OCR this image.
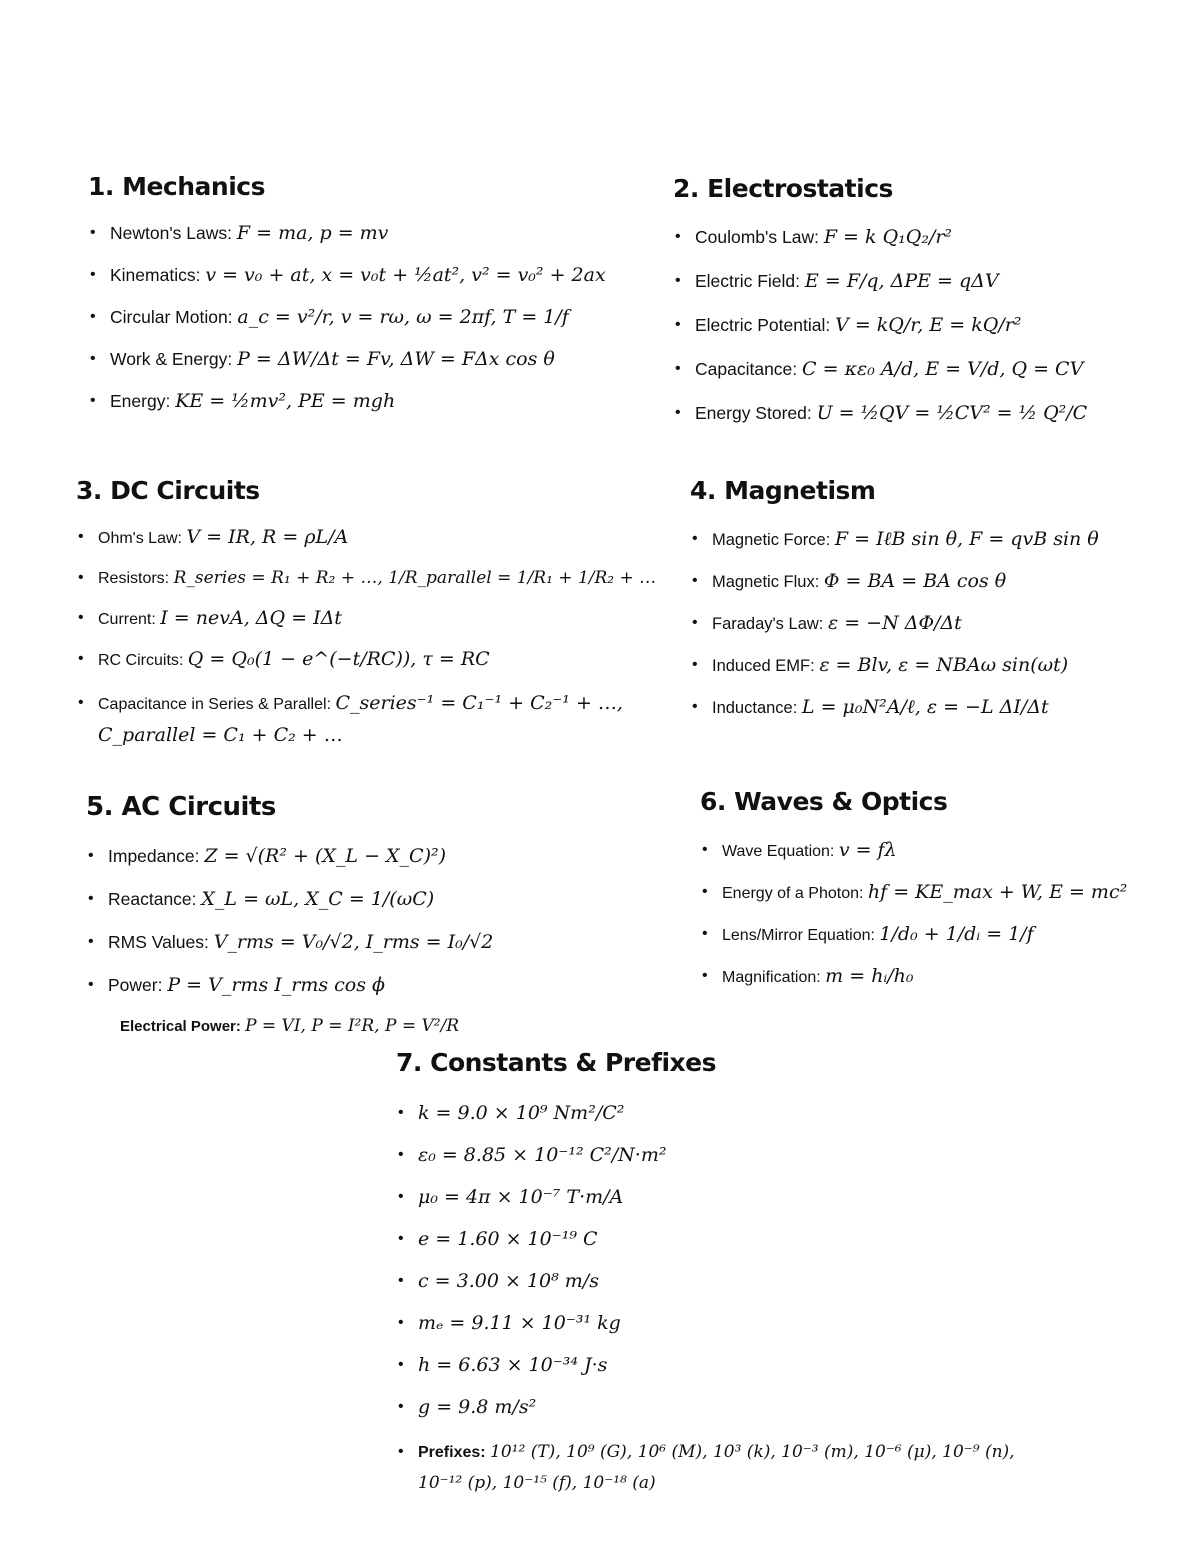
1. Mechanics
• Newton's Laws: F = ma, p = mv
• Kinematics: v = v₀ + at, x = v₀t + ½at², v² = v₀² + 2ax
• Circular Motion: a_c = v²/r, v = rω, ω = 2πf, T = 1/f
• Work & Energy: P = ΔW/Δt = Fv, ΔW = FΔx cos θ
• Energy: KE = ½mv², PE = mgh
2. Electrostatics
• Coulomb's Law: F = k Q₁Q₂/r²
• Electric Field: E = F/q, ΔPE = qΔV
• Electric Potential: V = kQ/r, E = kQ/r²
• Capacitance: C = κε₀ A/d, E = V/d, Q = CV
• Energy Stored: U = ½QV = ½CV² = ½ Q²/C
3. DC Circuits
• Ohm's Law: V = IR, R = ρL/A
• Resistors: R_series = R₁ + R₂ + …, 1/R_parallel = 1/R₁ + 1/R₂ + …
• Current: I = nevA, ΔQ = IΔt
• RC Circuits: Q = Q₀(1 − e^(−t/RC)), τ = RC
• Capacitance in Series & Parallel: C_series⁻¹ = C₁⁻¹ + C₂⁻¹ + …, C_parallel = C₁ + C₂ + …
4. Magnetism
• Magnetic Force: F = IℓB sin θ, F = qvB sin θ
• Magnetic Flux: Φ = BA = BA cos θ
• Faraday's Law: ε = −N ΔΦ/Δt
• Induced EMF: ε = Blv, ε = NBAω sin(ωt)
• Inductance: L = μ₀N²A/ℓ, ε = −L ΔI/Δt
5. AC Circuits
• Impedance: Z = √(R² + (X_L − X_C)²)
• Reactance: X_L = ωL, X_C = 1/(ωC)
• RMS Values: V_rms = V₀/√2, I_rms = I₀/√2
• Power: P = V_rms I_rms cos ϕ
Electrical Power: P = VI, P = I²R, P = V²/R
6. Waves & Optics
• Wave Equation: v = fλ
• Energy of a Photon: hf = KE_max + W, E = mc²
• Lens/Mirror Equation: 1/d₀ + 1/dᵢ = 1/f
• Magnification: m = hᵢ/h₀
7. Constants & Prefixes
• k = 9.0 × 10⁹ Nm²/C²
• ε₀ = 8.85 × 10⁻¹² C²/N·m²
• μ₀ = 4π × 10⁻⁷ T·m/A
• e = 1.60 × 10⁻¹⁹ C
• c = 3.00 × 10⁸ m/s
• mₑ = 9.11 × 10⁻³¹ kg
• h = 6.63 × 10⁻³⁴ J·s
• g = 9.8 m/s²
• Prefixes: 10¹² (T), 10⁹ (G), 10⁶ (M), 10³ (k), 10⁻³ (m), 10⁻⁶ (μ), 10⁻⁹ (n), 10⁻¹² (p), 10⁻¹⁵ (f), 10⁻¹⁸ (a)
